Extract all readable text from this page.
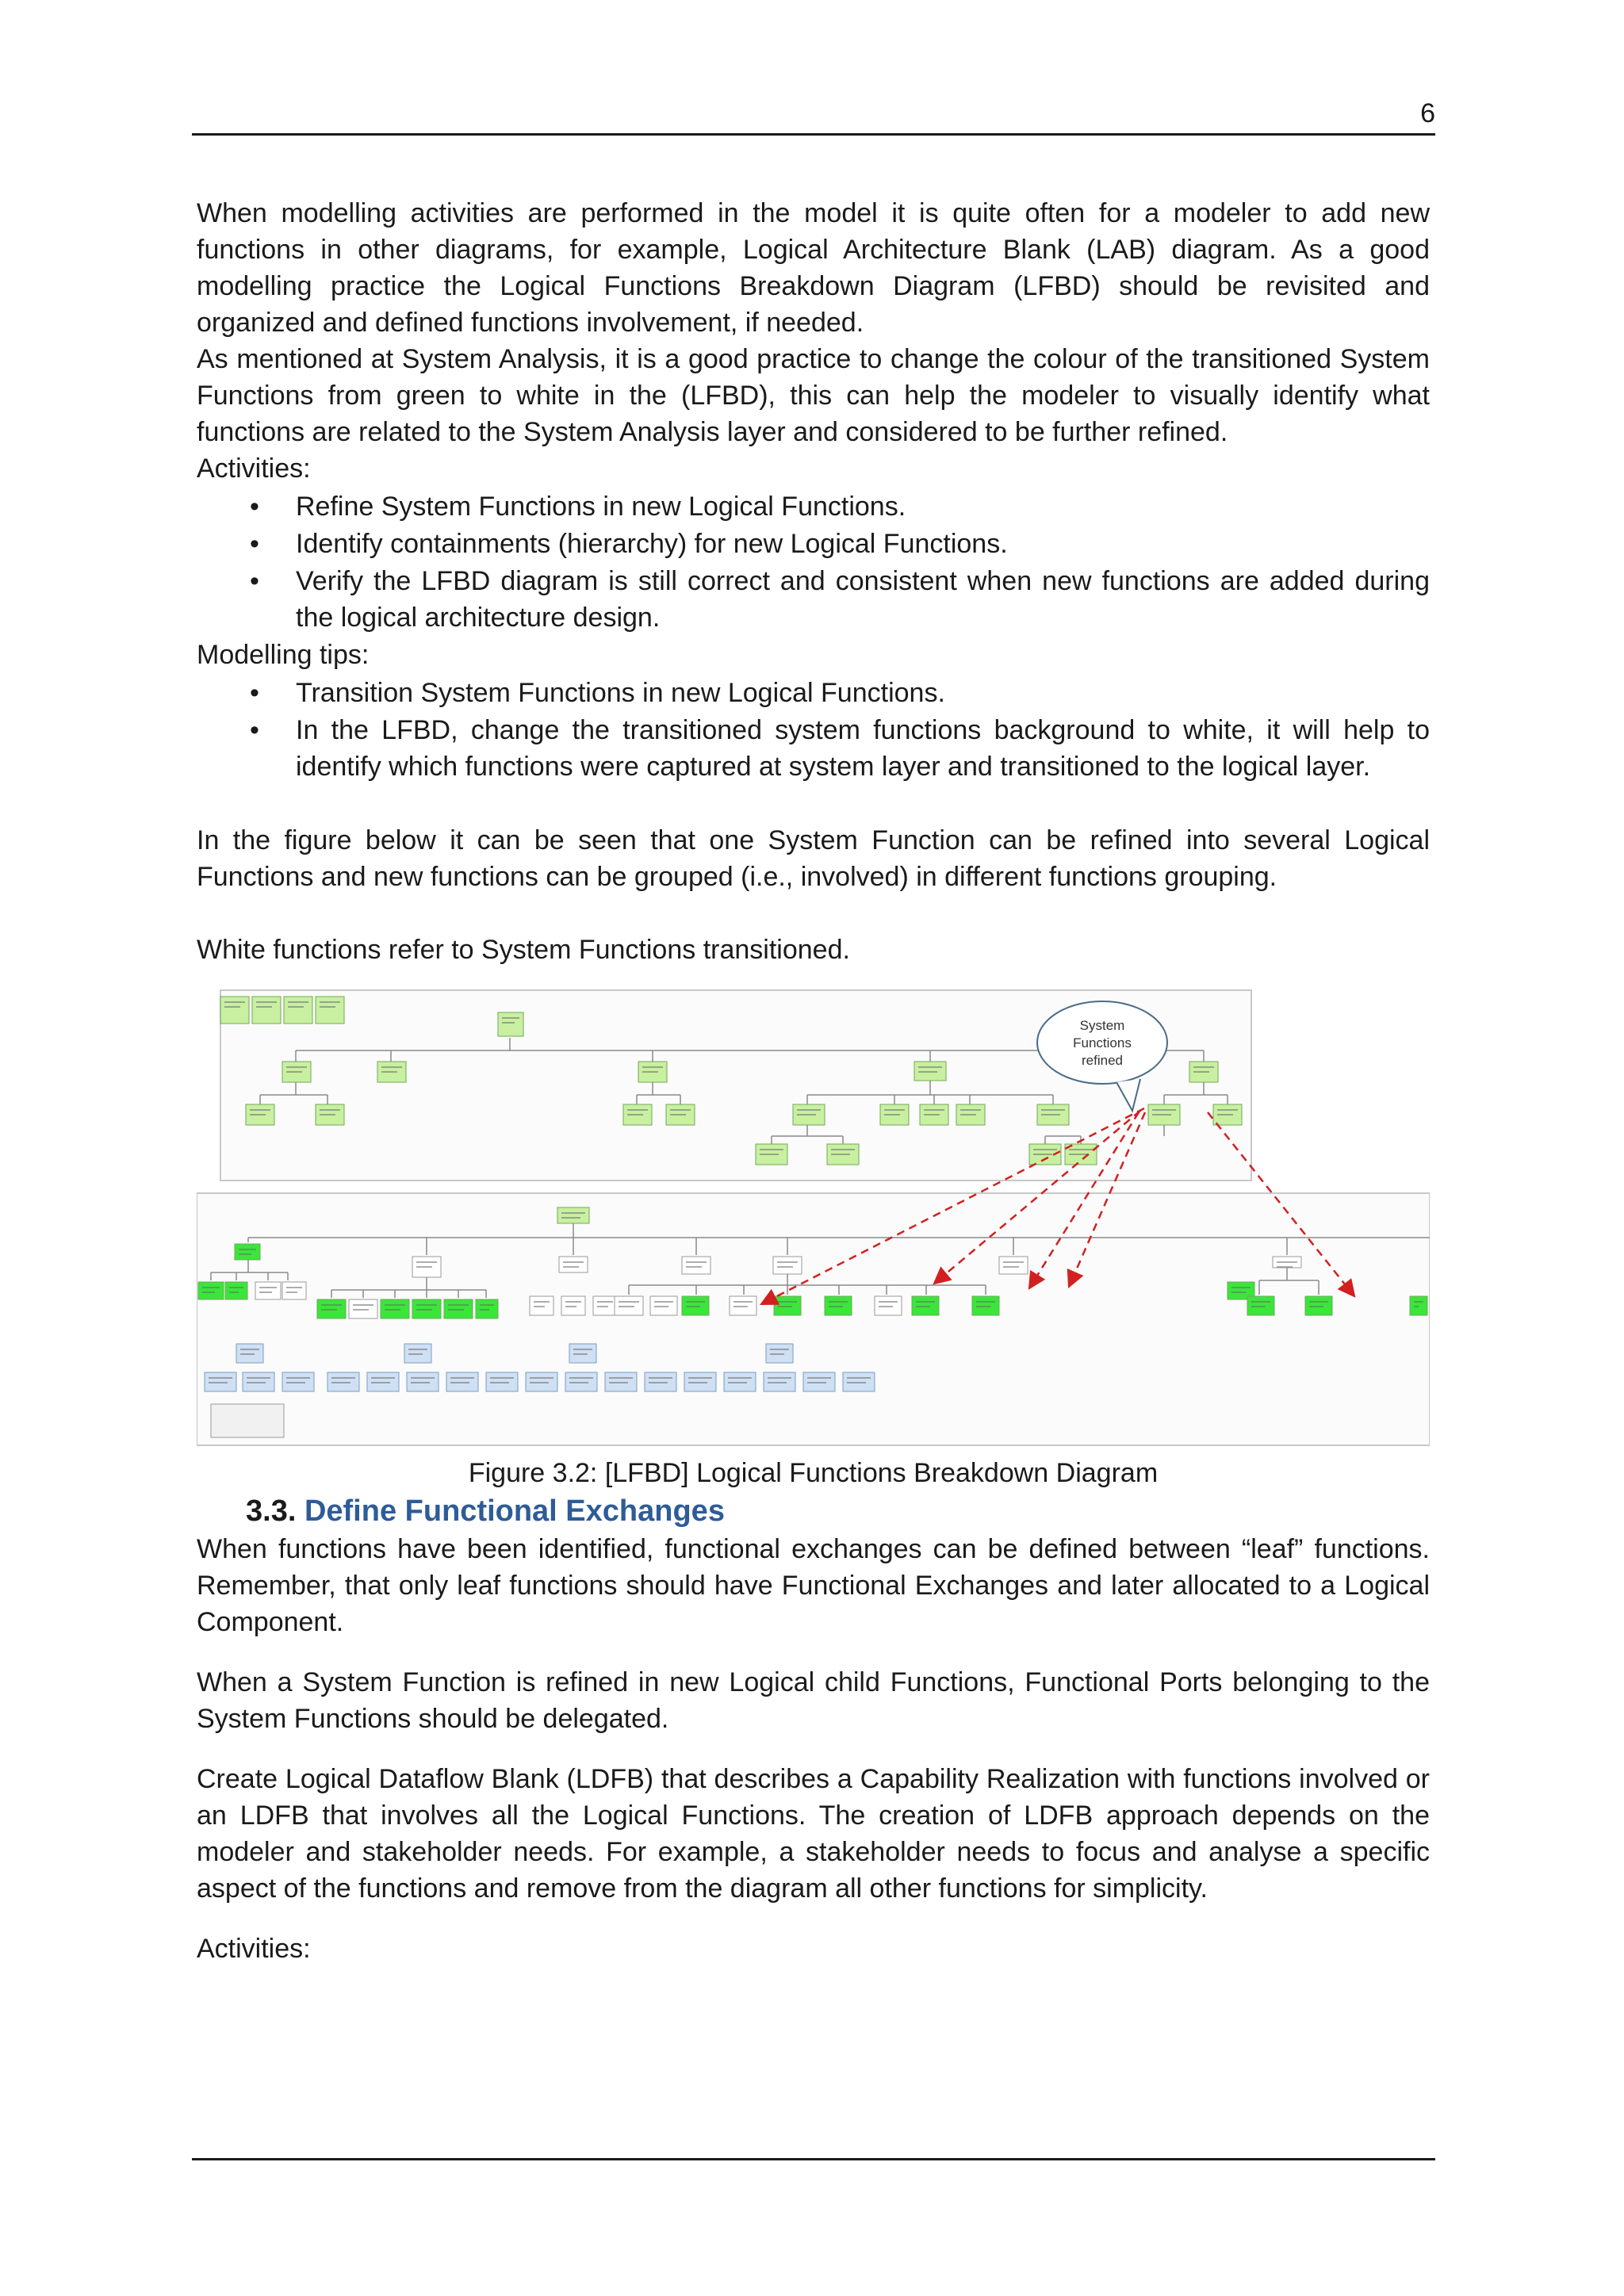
6

When modelling activities are performed in the model it is quite often for a modeler to add new functions in other diagrams, for example, Logical Architecture Blank (LAB) diagram. As a good modelling practice the Logical Functions Breakdown Diagram (LFBD) should be revisited and organized and defined functions involvement, if needed.

As mentioned at System Analysis, it is a good practice to change the colour of the transitioned System Functions from green to white in the (LFBD), this can help the modeler to visually identify what functions are related to the System Analysis layer and considered to be further refined.

Activities:

• Refine System Functions in new Logical Functions.
• Identify containments (hierarchy) for new Logical Functions.
• Verify the LFBD diagram is still correct and consistent when new functions are added during the logical architecture design.

Modelling tips:

• Transition System Functions in new Logical Functions.
• In the LFBD, change the transitioned system functions background to white, it will help to identify which functions were captured at system layer and transitioned to the logical layer.

In the figure below it can be seen that one System Function can be refined into several Logical Functions and new functions can be grouped (i.e., involved) in different functions grouping.

White functions refer to System Functions transitioned.

System
Functions
refined

Figure 3.2: [LFBD] Logical Functions Breakdown Diagram

3.3. Define Functional Exchanges

When functions have been identified, functional exchanges can be defined between “leaf” functions. Remember, that only leaf functions should have Functional Exchanges and later allocated to a Logical Component.

When a System Function is refined in new Logical child Functions, Functional Ports belonging to the System Functions should be delegated.

Create Logical Dataflow Blank (LDFB) that describes a Capability Realization with functions involved or an LDFB that involves all the Logical Functions. The creation of LDFB approach depends on the modeler and stakeholder needs. For example, a stakeholder needs to focus and analyse a specific aspect of the functions and remove from the diagram all other functions for simplicity.

Activities:
